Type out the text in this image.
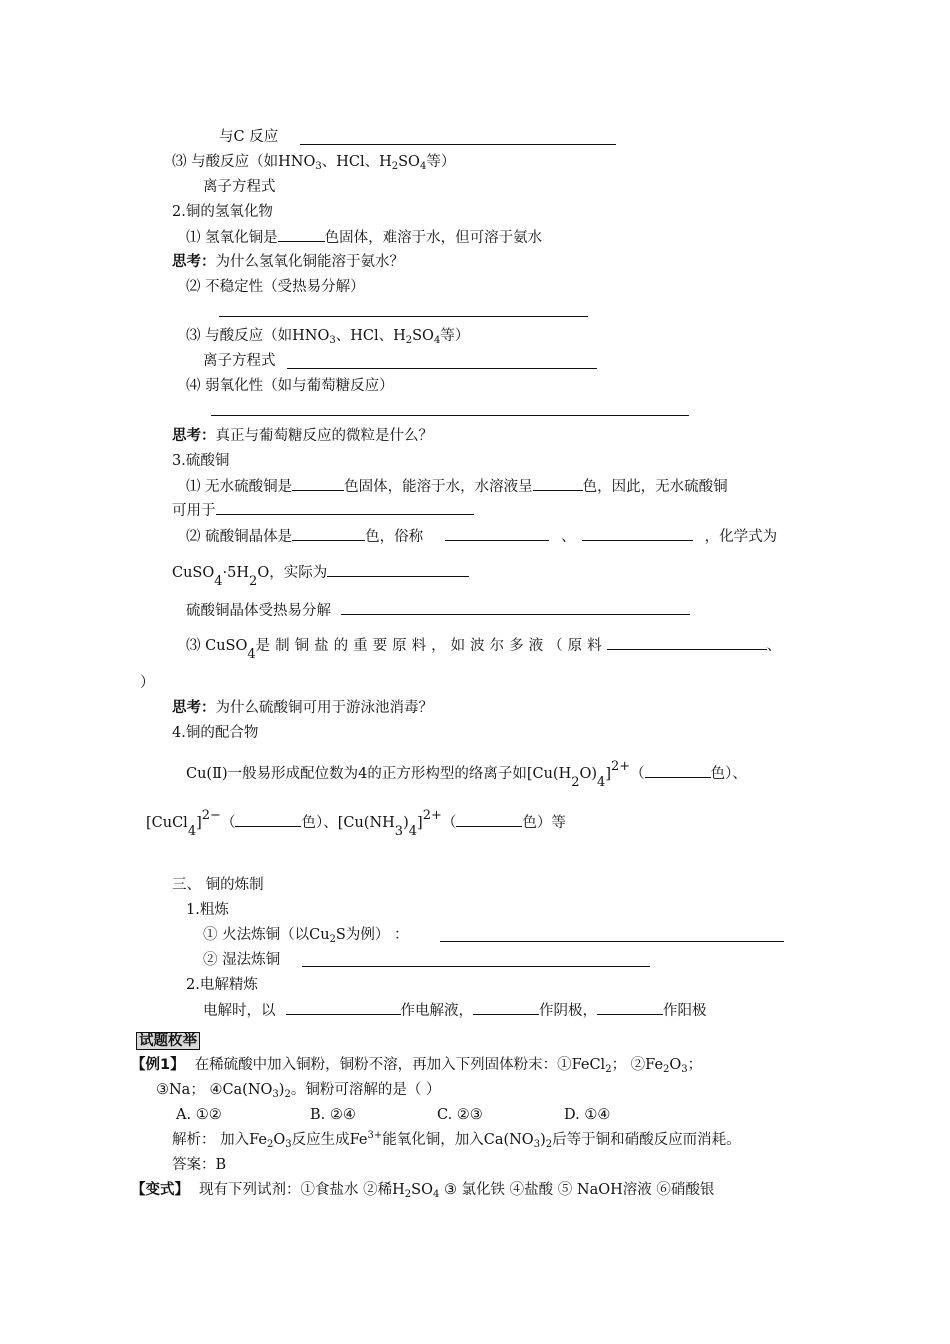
与C 反应
⑶ 与酸反应（如$HNO_3$、HCl、$H_2SO_4$等）
离子方程式
2.铜的氢氧化物
⑴ 氢氧化铜是	色固体，难溶于水，但可溶于氨水
思考：为什么氢氧化铜能溶于氨水？
⑵ 不稳定性（受热易分解）
⑶ 与酸反应（如$HNO_3$、HCl、$H_2SO_4$等）
离子方程式
⑷ 弱氧化性（如与葡萄糖反应）
思考：真正与葡萄糖反应的微粒是什么？
3.硫酸铜
⑴ 无水硫酸铜是	色固体，能溶于水，水溶液呈	色，因此，无水硫酸铜
可用于
⑵ 硫酸铜晶体是	色，俗称	、	，化学式为
CuSO4·5H2O，实际为
硫酸铜晶体受热易分解
⑶ CuSO4是制铜盐的重要原料，如波尔多液（原料	、
）
思考：为什么硫酸铜可用于游泳池消毒？
4.铜的配合物
Cu(Ⅱ)一般易形成配位数为4的正方形构型的络离子如[Cu(H2O)4]2+（	色）、
[CuCl4]2−（	色）、[Cu(NH3)4]2+（	色）等
三、 铜的炼制
1.粗炼
① 火法炼铜（以$Cu_2S$为例） ：
② 湿法炼铜
2.电解精炼
电解时，以	作电解液，	作阴极，	作阳极
试题枚举
【例1】 在稀硫酸中加入铜粉，铜粉不溶，再加入下列固体粉末：①FeCl$_2$； $②Fe_2O_3$；
③Na； $④Ca(NO_3)_2$。铜粉可溶解的是（ ）
A. ①②	B. ②④	C. ②③	D. ①④
解析： 加入$Fe_2O_3$反应生成$Fe^{3+}$能氧化铜，加入$Ca(NO_3)_2$后等于铜和硝酸反应而消耗。
答案：B
【变式】 现有下列试剂：①食盐水 ②稀$H_2SO_4$ ③ 氯化铁 ④盐酸 ⑤ NaOH溶液 ⑥硝酸银
